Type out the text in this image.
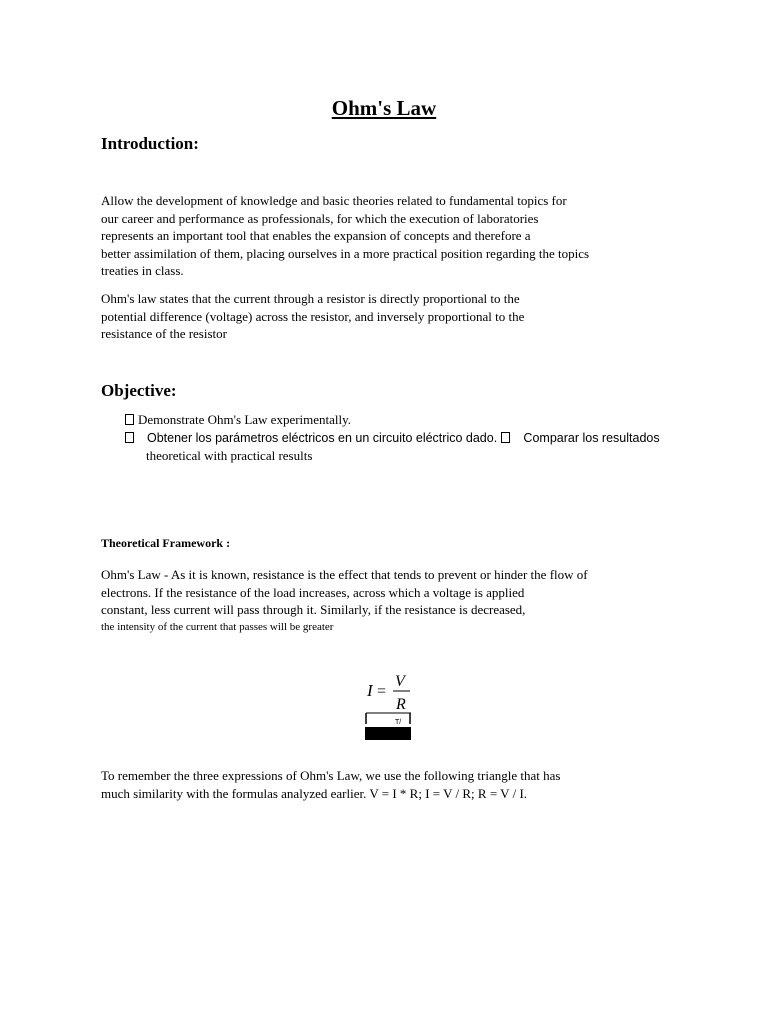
Ohm's Law
Introduction:
Allow the development of knowledge and basic theories related to fundamental topics for
our career and performance as professionals, for which the execution of laboratories
represents an important tool that enables the expansion of concepts and therefore a
better assimilation of them, placing ourselves in a more practical position regarding the topics
treaties in class.
Ohm's law states that the current through a resistor is directly proportional to the
potential difference (voltage) across the resistor, and inversely proportional to the
resistance of the resistor
Objective:
Demonstrate Ohm's Law experimentally.
Obtener los parámetros eléctricos en un circuito eléctrico dado. Comparar los resultados
theoretical with practical results
Theoretical Framework :
Ohm's Law - As it is known, resistance is the effect that tends to prevent or hinder the flow of
electrons. If the resistance of the load increases, across which a voltage is applied
constant, less current will pass through it. Similarly, if the resistance is decreased,
the intensity of the current that passes will be greater
I =
V
R
T/
To remember the three expressions of Ohm's Law, we use the following triangle that has
much similarity with the formulas analyzed earlier. V = I * R; I = V / R; R = V / I.
